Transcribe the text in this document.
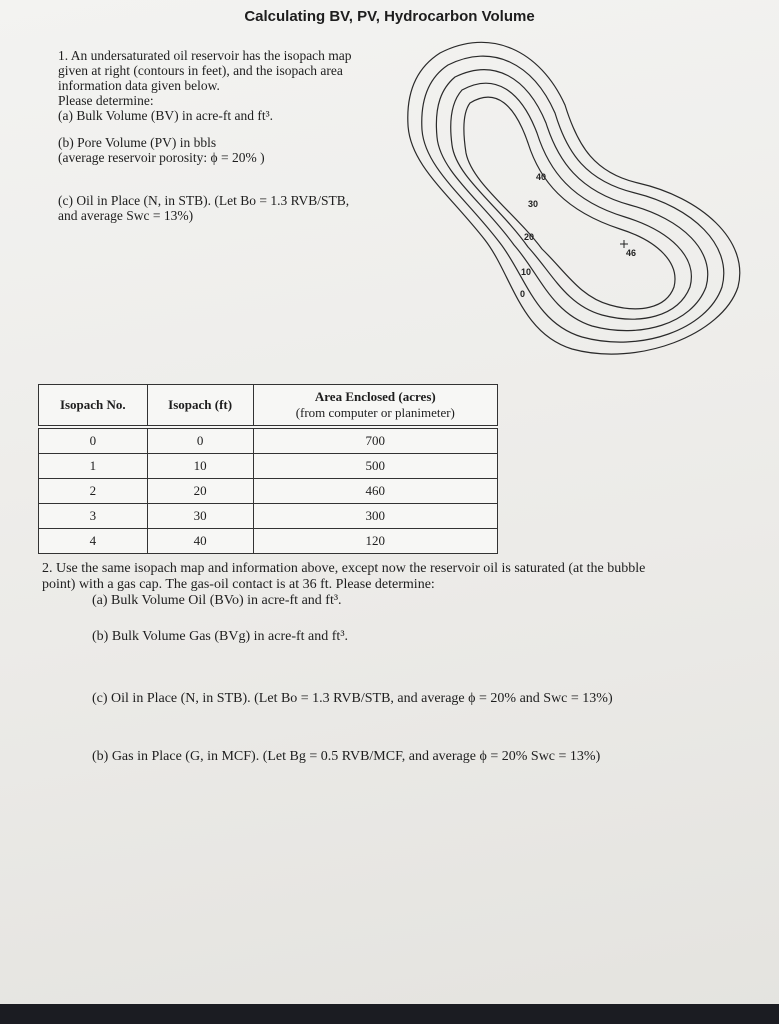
Calculating BV, PV, Hydrocarbon Volume

1. An undersaturated oil reservoir has the isopach map

given at right (contours in feet), and the isopach area

information data given below.

Please determine:

(a) Bulk Volume (BV) in acre-ft and ft³.

(b) Pore Volume (PV) in bbls

(average reservoir porosity: ϕ = 20% )

(c) Oil in Place (N, in STB). (Let Bo = 1.3 RVB/STB,

and average Swc = 13%)

40
30
20
10
0
46
Isopach No.	Isopach (ft)	Area Enclosed (acres)
(from computer or planimeter)

0	0	700
1	10	500
2	20	460
3	30	300
4	40	120

2. Use the same isopach map and information above, except now the reservoir oil is saturated (at the bubble

point) with a gas cap. The gas-oil contact is at 36 ft. Please determine:

(a) Bulk Volume Oil (BVo) in acre-ft and ft³.

(b) Bulk Volume Gas (BVg) in acre-ft and ft³.

(c) Oil in Place (N, in STB). (Let Bo = 1.3 RVB/STB, and average ϕ = 20% and Swc = 13%)

(b) Gas in Place (G, in MCF). (Let Bg = 0.5 RVB/MCF, and average ϕ = 20% Swc = 13%)
